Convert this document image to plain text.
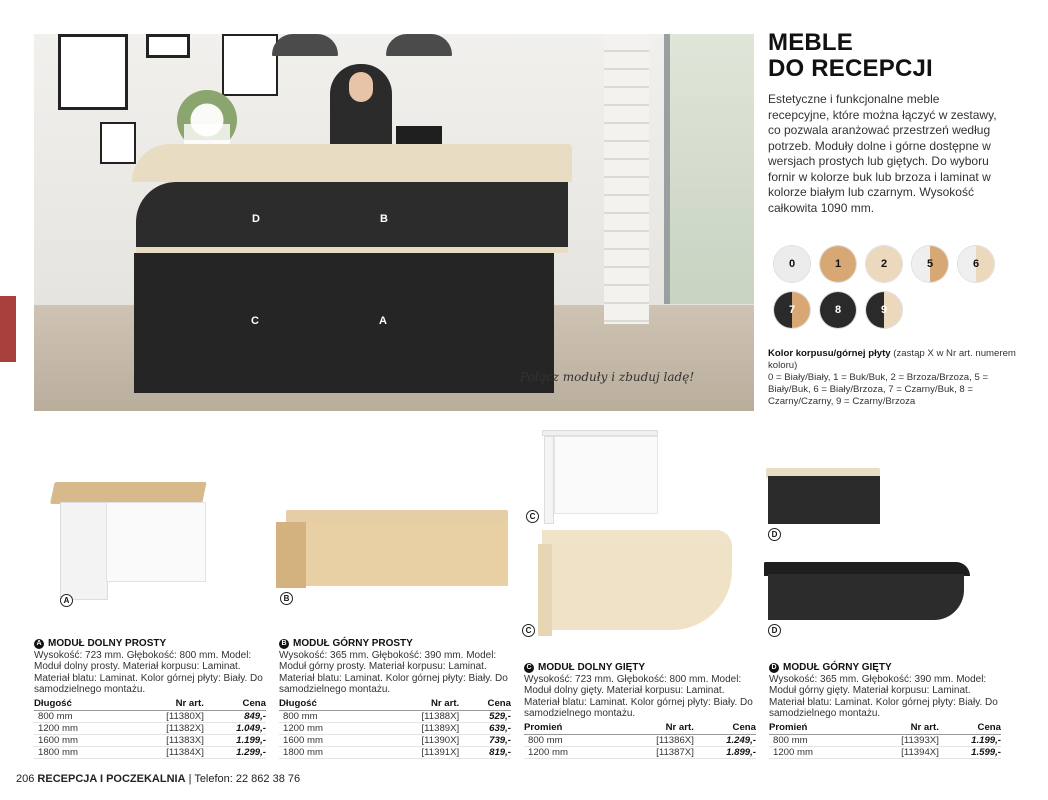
D	B
C	A
Połącz moduły i zbuduj ladę!
MEBLE
DO RECEPCJI

Estetyczne i funkcjonalne meble recepcyjne, które można łączyć w zestawy, co pozwala aranżować przestrzeń według potrzeb. Moduły dolne i górne dostępne w wersjach prostych lub giętych. Do wyboru fornir w kolorze buk lub brzoza i laminat w kolorze białym lub czarnym. Wysokość całkowita 1090 mm.

0	1	2	5	6
7	8	9
Kolor korpusu/górnej płyty (zastąp X w Nr art. numerem koloru)
0 = Biały/Biały, 1 = Buk/Buk, 2 = Brzoza/Brzoza, 5 = Biały/Buk, 6 = Biały/Brzoza, 7 = Czarny/Buk, 8 = Czarny/Czarny, 9 = Czarny/Brzoza
A	B
C
C
D
D
A MODUŁ DOLNY PROSTY
Wysokość: 723 mm. Głębokość: 800 mm. Model: Moduł dolny prosty. Materiał korpusu: Laminat. Materiał blatu: Laminat. Kolor górnej płyty: Biały. Do samodzielnego montażu.
Długość	Nr art.	Cena
800 mm	[11380X]	849,-
1200 mm	[11382X]	1.049,-
1600 mm	[11383X]	1.199,-
1800 mm	[11384X]	1.299,-
B MODUŁ GÓRNY PROSTY
Wysokość: 365 mm. Głębokość: 390 mm. Model: Moduł górny prosty. Materiał korpusu: Laminat. Materiał blatu: Laminat. Kolor górnej płyty: Biały. Do samodzielnego montażu.
Długość	Nr art.	Cena
800 mm	[11388X]	529,-
1200 mm	[11389X]	639,-
1600 mm	[11390X]	739,-
1800 mm	[11391X]	819,-
C MODUŁ DOLNY GIĘTY
Wysokość: 723 mm. Głębokość: 800 mm. Model: Moduł dolny gięty. Materiał korpusu: Laminat. Materiał blatu: Laminat. Kolor górnej płyty: Biały. Do samodzielnego montażu.
Promień	Nr art.	Cena
800 mm	[11386X]	1.249,-
1200 mm	[11387X]	1.899,-
D MODUŁ GÓRNY GIĘTY
Wysokość: 365 mm. Głębokość: 390 mm. Model: Moduł górny gięty. Materiał korpusu: Laminat. Materiał blatu: Laminat. Kolor górnej płyty: Biały. Do samodzielnego montażu.
Promień	Nr art.	Cena
800 mm	[11393X]	1.199,-
1200 mm	[11394X]	1.599,-
206 RECEPCJA I POCZEKALNIA | Telefon: 22 862 38 76
